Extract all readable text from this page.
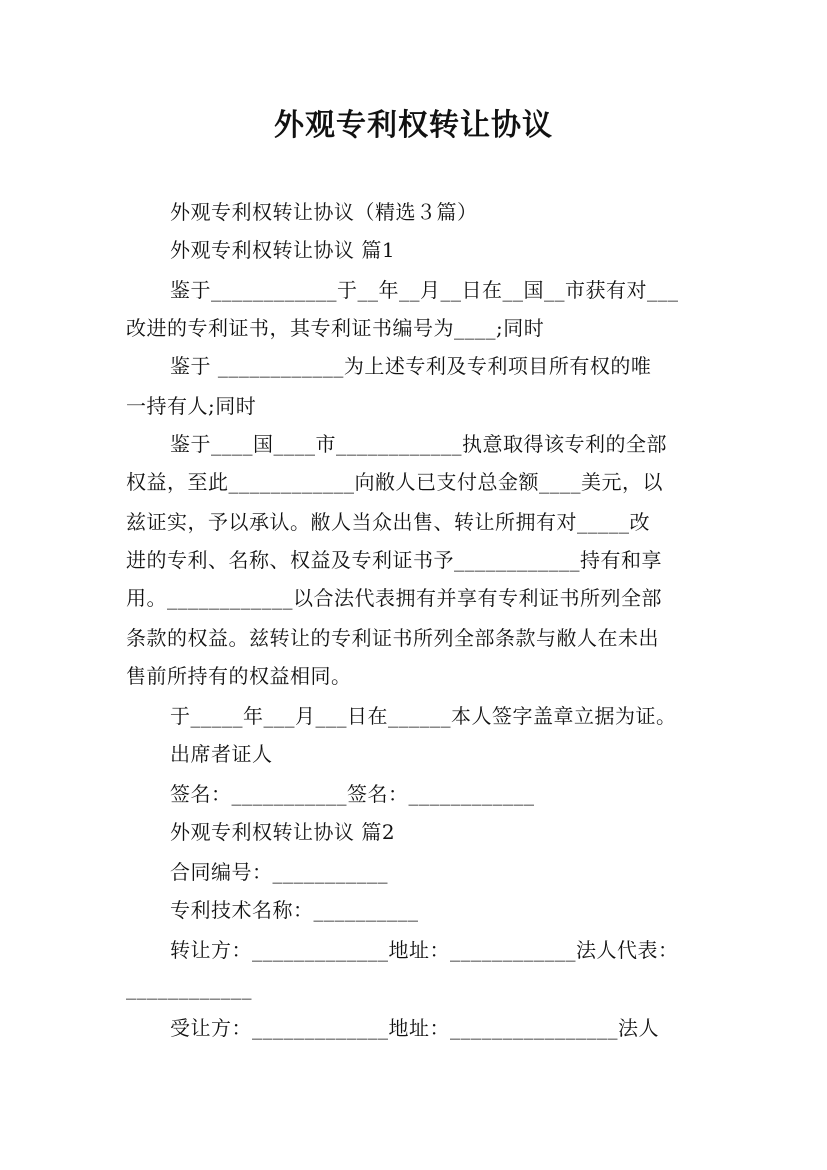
外观专利权转让协议
外观专利权转让协议（精选３篇）
外观专利权转让协议 篇1
鉴于____________于__年__月__日在__国__市获有对___
改进的专利证书，其专利证书编号为____;同时
鉴于 ____________为上述专利及专利项目所有权的唯
一持有人;同时
鉴于____国____市____________执意取得该专利的全部
权益，至此____________向敝人已支付总金额____美元，以
兹证实，予以承认。敝人当众出售、转让所拥有对_____改
进的专利、名称、权益及专利证书予____________持有和享
用。____________以合法代表拥有并享有专利证书所列全部
条款的权益。兹转让的专利证书所列全部条款与敝人在未出
售前所持有的权益相同。
于_____年___月___日在______本人签字盖章立据为证。
出席者证人
签名：___________签名：____________
外观专利权转让协议 篇2
合同编号：___________
专利技术名称：__________
转让方：_____________地址：____________法人代表：
____________
受让方：_____________地址：________________法人
